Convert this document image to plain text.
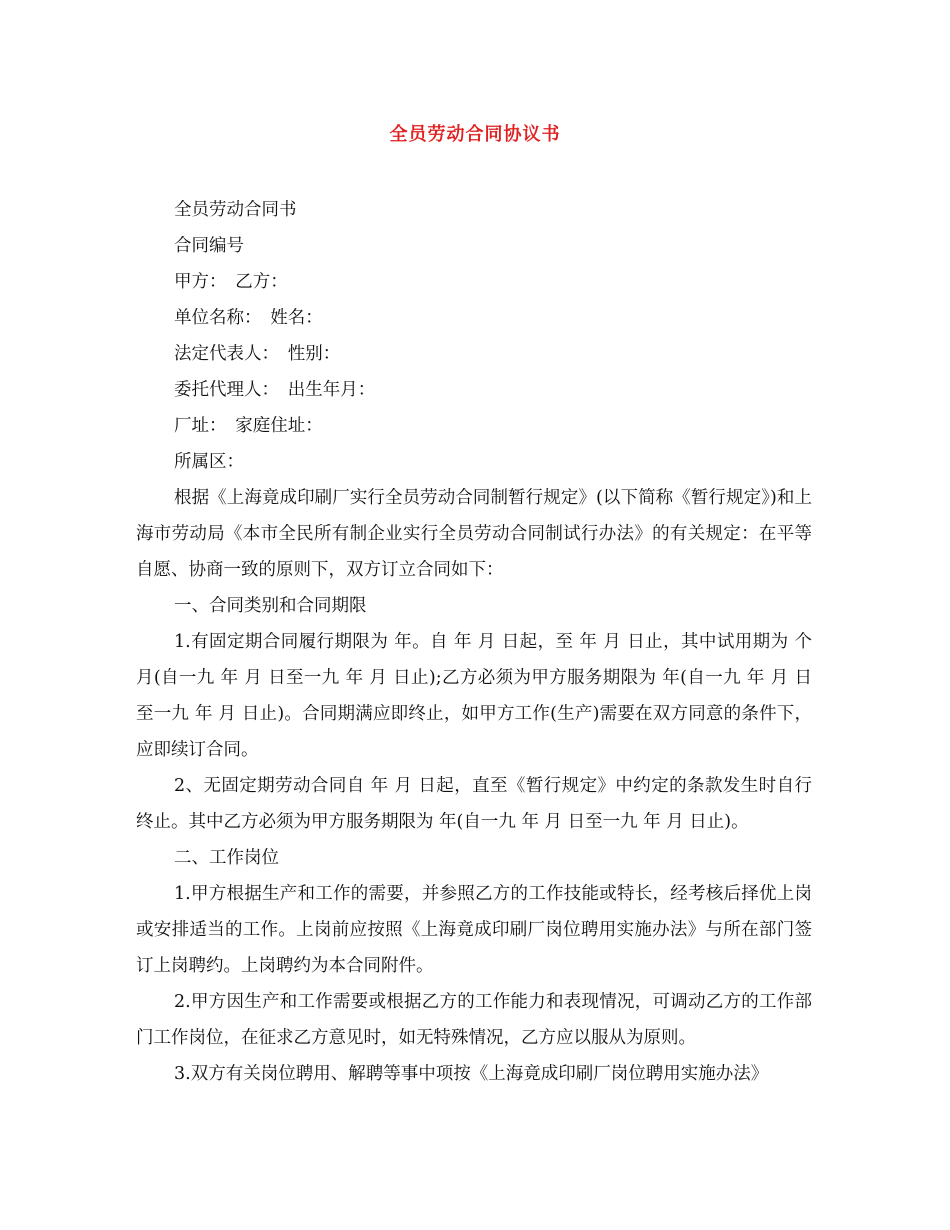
全员劳动合同协议书
全员劳动合同书
合同编号
甲方：　乙方：
单位名称：　姓名：
法定代表人：　性别：
委托代理人：　出生年月：
厂址：　家庭住址：
所属区：

根据《上海竟成印刷厂实行全员劳动合同制暂行规定》(以下简称《暂行规定》)和上海市劳动局《本市全民所有制企业实行全员劳动合同制试行办法》的有关规定：在平等自愿、协商一致的原则下，双方订立合同如下：

一、合同类别和合同期限

1.有固定期合同履行期限为 年。自 年 月 日起，至 年 月 日止，其中试用期为 个月(自一九 年 月 日至一九 年 月 日止);乙方必须为甲方服务期限为 年(自一九 年 月 日至一九 年 月 日止)。合同期满应即终止，如甲方工作(生产)需要在双方同意的条件下，应即续订合同。

2、无固定期劳动合同自 年 月 日起，直至《暂行规定》中约定的条款发生时自行终止。其中乙方必须为甲方服务期限为 年(自一九 年 月 日至一九 年 月 日止)。

二、工作岗位

1.甲方根据生产和工作的需要，并参照乙方的工作技能或特长，经考核后择优上岗或安排适当的工作。上岗前应按照《上海竟成印刷厂岗位聘用实施办法》与所在部门签订上岗聘约。上岗聘约为本合同附件。

2.甲方因生产和工作需要或根据乙方的工作能力和表现情况，可调动乙方的工作部门工作岗位，在征求乙方意见时，如无特殊情况，乙方应以服从为原则。

3.双方有关岗位聘用、解聘等事中项按《上海竟成印刷厂岗位聘用实施办法》
